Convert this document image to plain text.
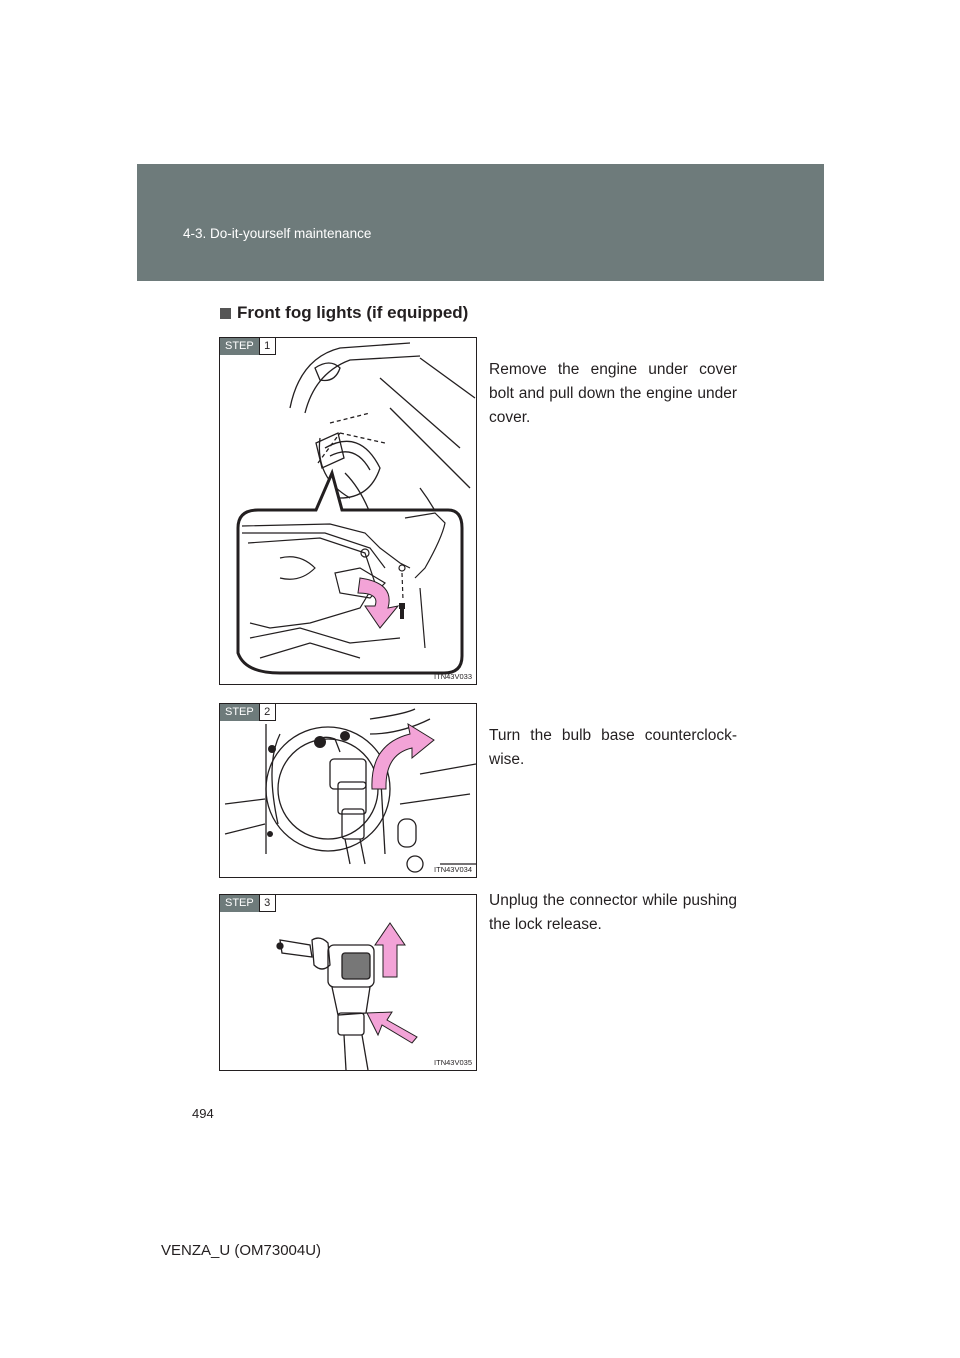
4-3. Do-it-yourself maintenance
Front fog lights (if equipped)
STEP 1
ITN43V033
Remove the engine under cover bolt and pull down the engine under cover.
STEP 2
ITN43V034
Turn the bulb base counterclock-wise.
STEP 3
ITN43V035
Unplug the connector while pushing the lock release.
494
VENZA_U (OM73004U)
